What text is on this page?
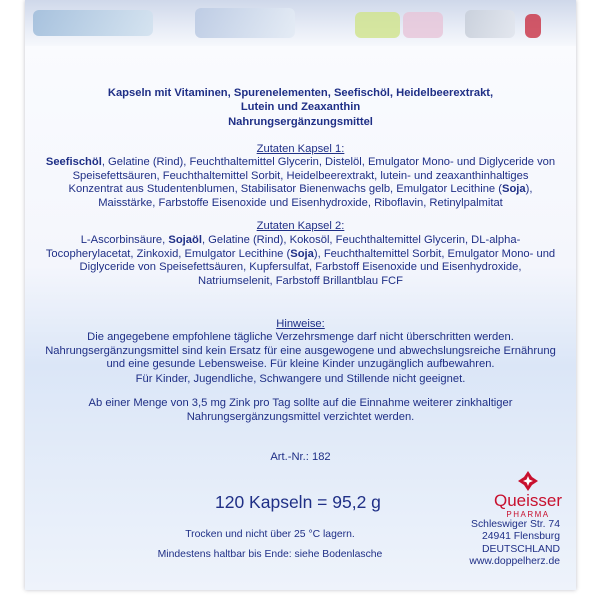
Kapseln mit Vitaminen, Spurenelementen, Seefischöl, Heidelbeerextrakt,
Lutein und Zeaxanthin
Nahrungsergänzungsmittel
Zutaten Kapsel 1:
Seefischöl, Gelatine (Rind), Feuchthaltemittel Glycerin, Distelöl, Emulgator Mono- und Diglyceride von Speisefettsäuren, Feuchthaltemittel Sorbit, Heidelbeerextrakt, lutein- und zeaxanthinhaltiges Konzentrat aus Studentenblumen, Stabilisator Bienenwachs gelb, Emulgator Lecithine (Soja), Maisstärke, Farbstoffe Eisenoxide und Eisenhydroxide, Riboflavin, Retinylpalmitat
Zutaten Kapsel 2:
L-Ascorbinsäure, Sojaöl, Gelatine (Rind), Kokosöl, Feuchthaltemittel Glycerin, DL-alpha-Tocopherylacetat, Zinkoxid, Emulgator Lecithine (Soja), Feuchthaltemittel Sorbit, Emulgator Mono- und Diglyceride von Speisefettsäuren, Kupfersulfat, Farbstoff Eisenoxide und Eisenhydroxide, Natriumselenit, Farbstoff Brillantblau FCF
Hinweise:
Die angegebene empfohlene tägliche Verzehrsmenge darf nicht überschritten werden. Nahrungsergänzungsmittel sind kein Ersatz für eine ausgewogene und abwechslungsreiche Ernährung und eine gesunde Lebensweise. Für kleine Kinder unzugänglich aufbewahren.
Für Kinder, Jugendliche, Schwangere und Stillende nicht geeignet.
Ab einer Menge von 3,5 mg Zink pro Tag sollte auf die Einnahme weiterer zinkhaltiger Nahrungsergänzungsmittel verzichtet werden.
Art.-Nr.: 182
120 Kapseln = 95,2 g
Trocken und nicht über 25 °C lagern.
Mindestens haltbar bis Ende: siehe Bodenlasche
Queisser
PHARMA
Schleswiger Str. 74
24941 Flensburg
DEUTSCHLAND
www.doppelherz.de
